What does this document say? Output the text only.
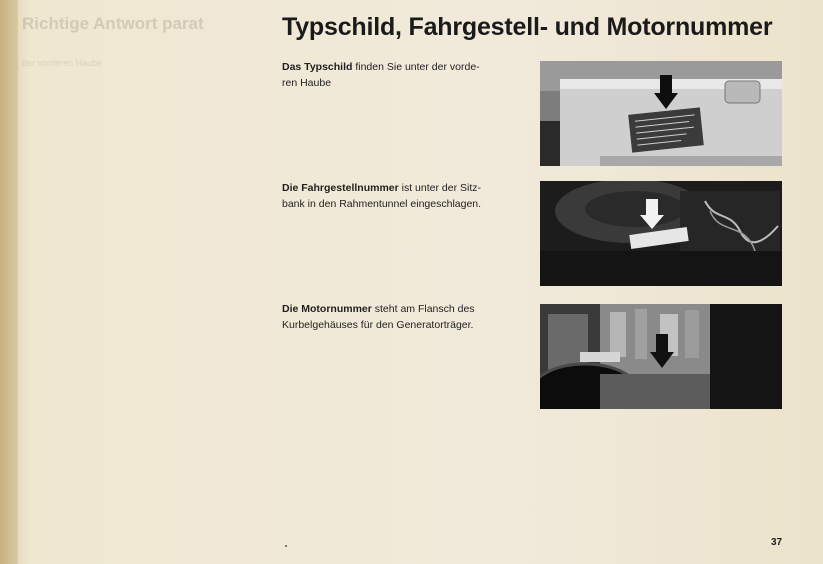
Richtige Antwort parat
der vorderen Haube
Typschild, Fahrgestell- und Motornummer
Das Typschild finden Sie unter der vorde-
ren Haube
Die Fahrgestellnummer ist unter der Sitz-
bank in den Rahmentunnel eingeschlagen.
Die Motornummer steht am Flansch des
Kurbelgehäuses für den Generatorträger.
37
